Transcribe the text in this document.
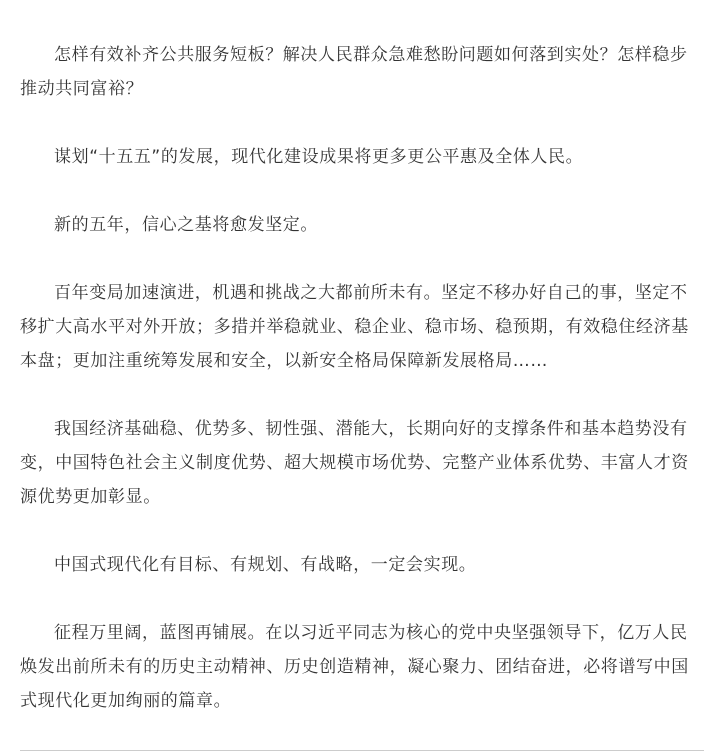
怎样有效补齐公共服务短板？解决人民群众急难愁盼问题如何落到实处？怎样稳步推动共同富裕？

谋划“十五五”的发展，现代化建设成果将更多更公平惠及全体人民。

新的五年，信心之基将愈发坚定。

百年变局加速演进，机遇和挑战之大都前所未有。坚定不移办好自己的事，坚定不移扩大高水平对外开放；多措并举稳就业、稳企业、稳市场、稳预期，有效稳住经济基本盘；更加注重统筹发展和安全，以新安全格局保障新发展格局……

我国经济基础稳、优势多、韧性强、潜能大，长期向好的支撑条件和基本趋势没有变，中国特色社会主义制度优势、超大规模市场优势、完整产业体系优势、丰富人才资源优势更加彰显。

中国式现代化有目标、有规划、有战略，一定会实现。

征程万里阔，蓝图再铺展。在以习近平同志为核心的党中央坚强领导下，亿万人民焕发出前所未有的历史主动精神、历史创造精神，凝心聚力、团结奋进，必将谱写中国式现代化更加绚丽的篇章。
